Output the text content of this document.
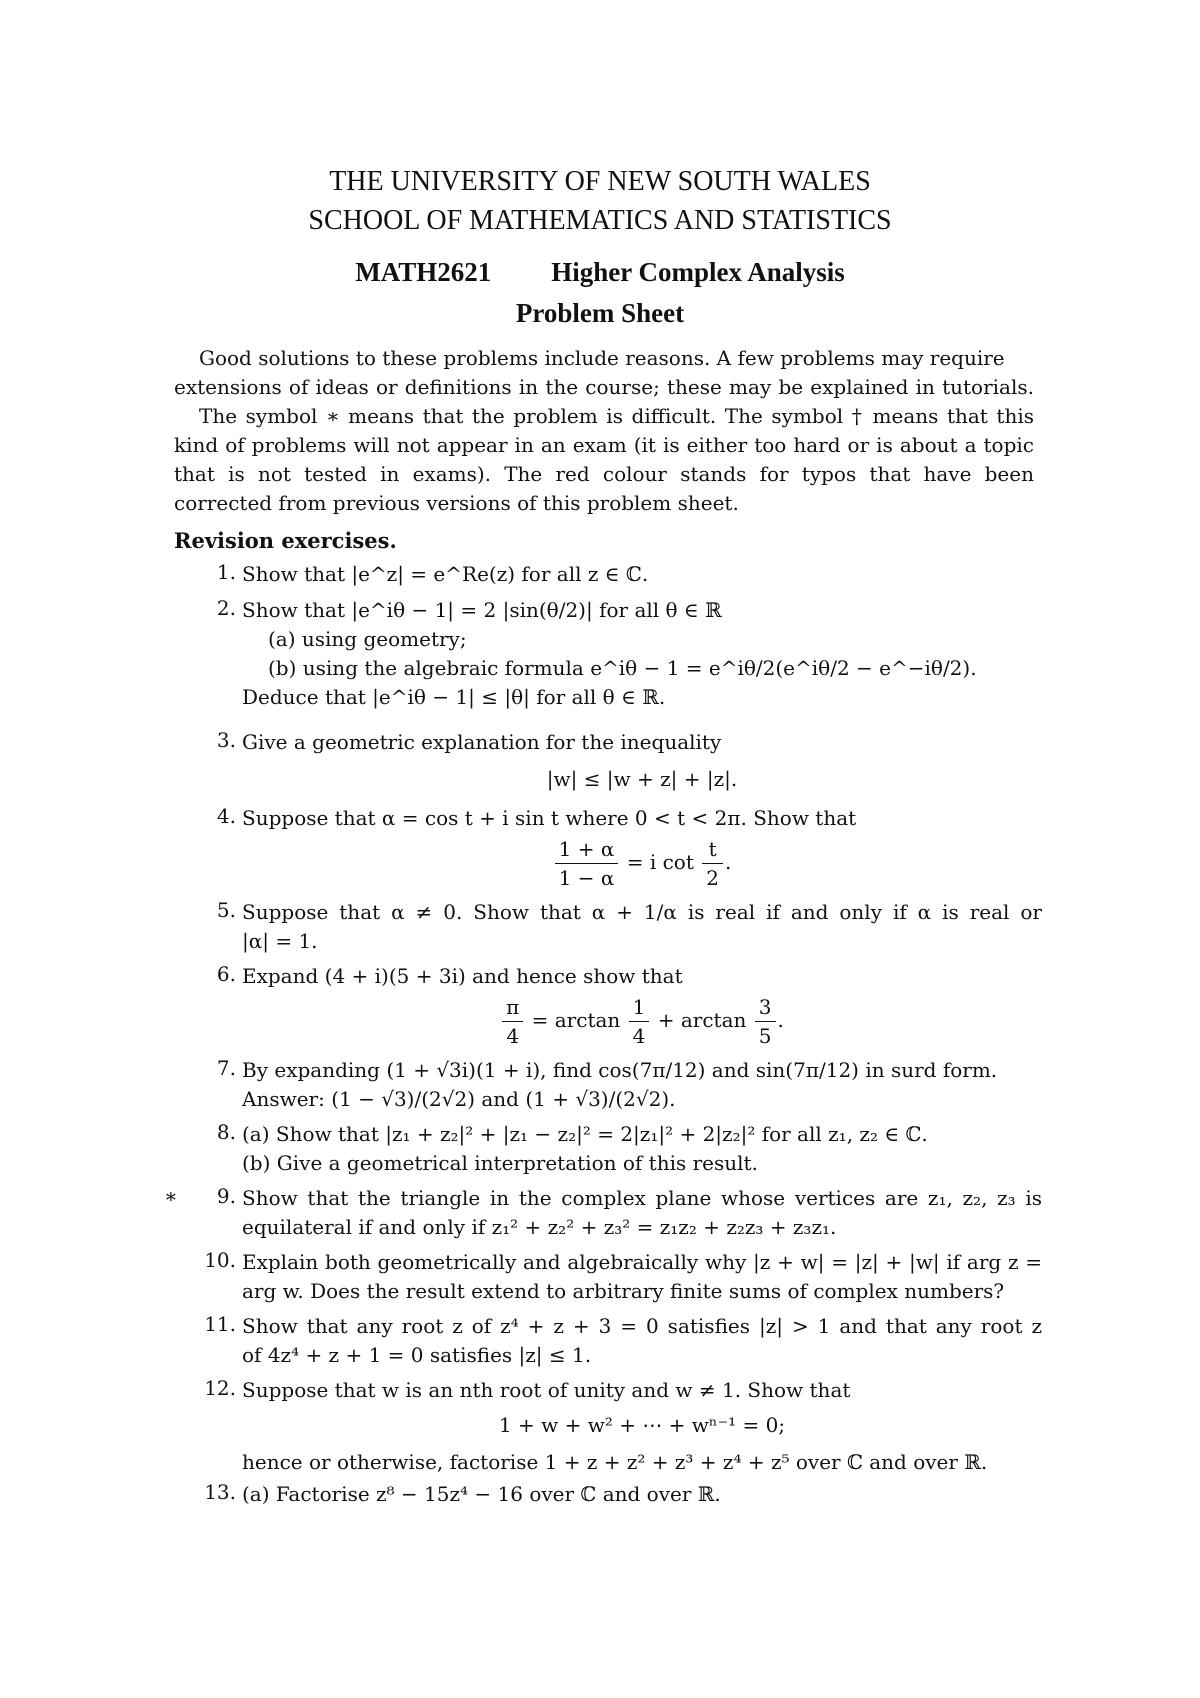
THE UNIVERSITY OF NEW SOUTH WALES
SCHOOL OF MATHEMATICS AND STATISTICS
MATH2621 Higher Complex Analysis
Problem Sheet
Good solutions to these problems include reasons. A few problems may require
extensions of ideas or definitions in the course; these may be explained in tutorials.
The symbol ∗ means that the problem is difficult. The symbol † means that this kind of problems will not appear in an exam (it is either too hard or is about a topic that is not tested in exams). The red colour stands for typos that have been corrected from previous versions of this problem sheet.
Revision exercises.
1. Show that |e^z| = e^Re(z) for all z ∈ ℂ.
2. Show that |e^iθ − 1| = 2 |sin(θ/2)| for all θ ∈ ℝ
(a) using geometry;
(b) using the algebraic formula e^iθ − 1 = e^iθ/2(e^iθ/2 − e^−iθ/2).
Deduce that |e^iθ − 1| ≤ |θ| for all θ ∈ ℝ.
3. Give a geometric explanation for the inequality
|w| ≤ |w + z| + |z|.
4. Suppose that α = cos t + i sin t where 0 < t < 2π. Show that
$\frac{1 + \alpha}{1 - \alpha} = i$ $\cot \frac{t}{2}$ .
5. Suppose that α ≠ 0. Show that α + 1/α is real if and only if α is real or
|α| = 1.
6. Expand (4 + i)(5 + 3i) and hence show that
$\frac{\pi}{4} = \arctan \frac{1}{4} + \arctan \frac{3}{5}$ .
7. By expanding (1 + √3i)(1 + i), find cos(7π/12) and sin(7π/12) in surd form.
Answer: (1 − √3)/(2√2) and (1 + √3)/(2√2).
8. (a) Show that |z₁ + z₂|² + |z₁ − z₂|² = 2|z₁|² + 2|z₂|² for all z₁, z₂ ∈ ℂ.
(b) Give a geometrical interpretation of this result.
∗	9. Show that the triangle in the complex plane whose vertices are z₁, z₂, z₃ is
equilateral if and only if z₁² + z₂² + z₃² = z₁z₂ + z₂z₃ + z₃z₁.
10. Explain both geometrically and algebraically why |z + w| = |z| + |w| if arg z =
arg w. Does the result extend to arbitrary finite sums of complex numbers?
11. Show that any root z of z⁴ + z + 3 = 0 satisfies |z| > 1 and that any root z
of 4z⁴ + z + 1 = 0 satisfies |z| ≤ 1.
12. Suppose that w is an nth root of unity and w ≠ 1. Show that
1 + w + w² + ⋯ + wⁿ⁻¹ = 0;
hence or otherwise, factorise 1 + z + z² + z³ + z⁴ + z⁵ over ℂ and over ℝ.
13. (a) Factorise z⁸ − 15z⁴ − 16 over ℂ and over ℝ.
